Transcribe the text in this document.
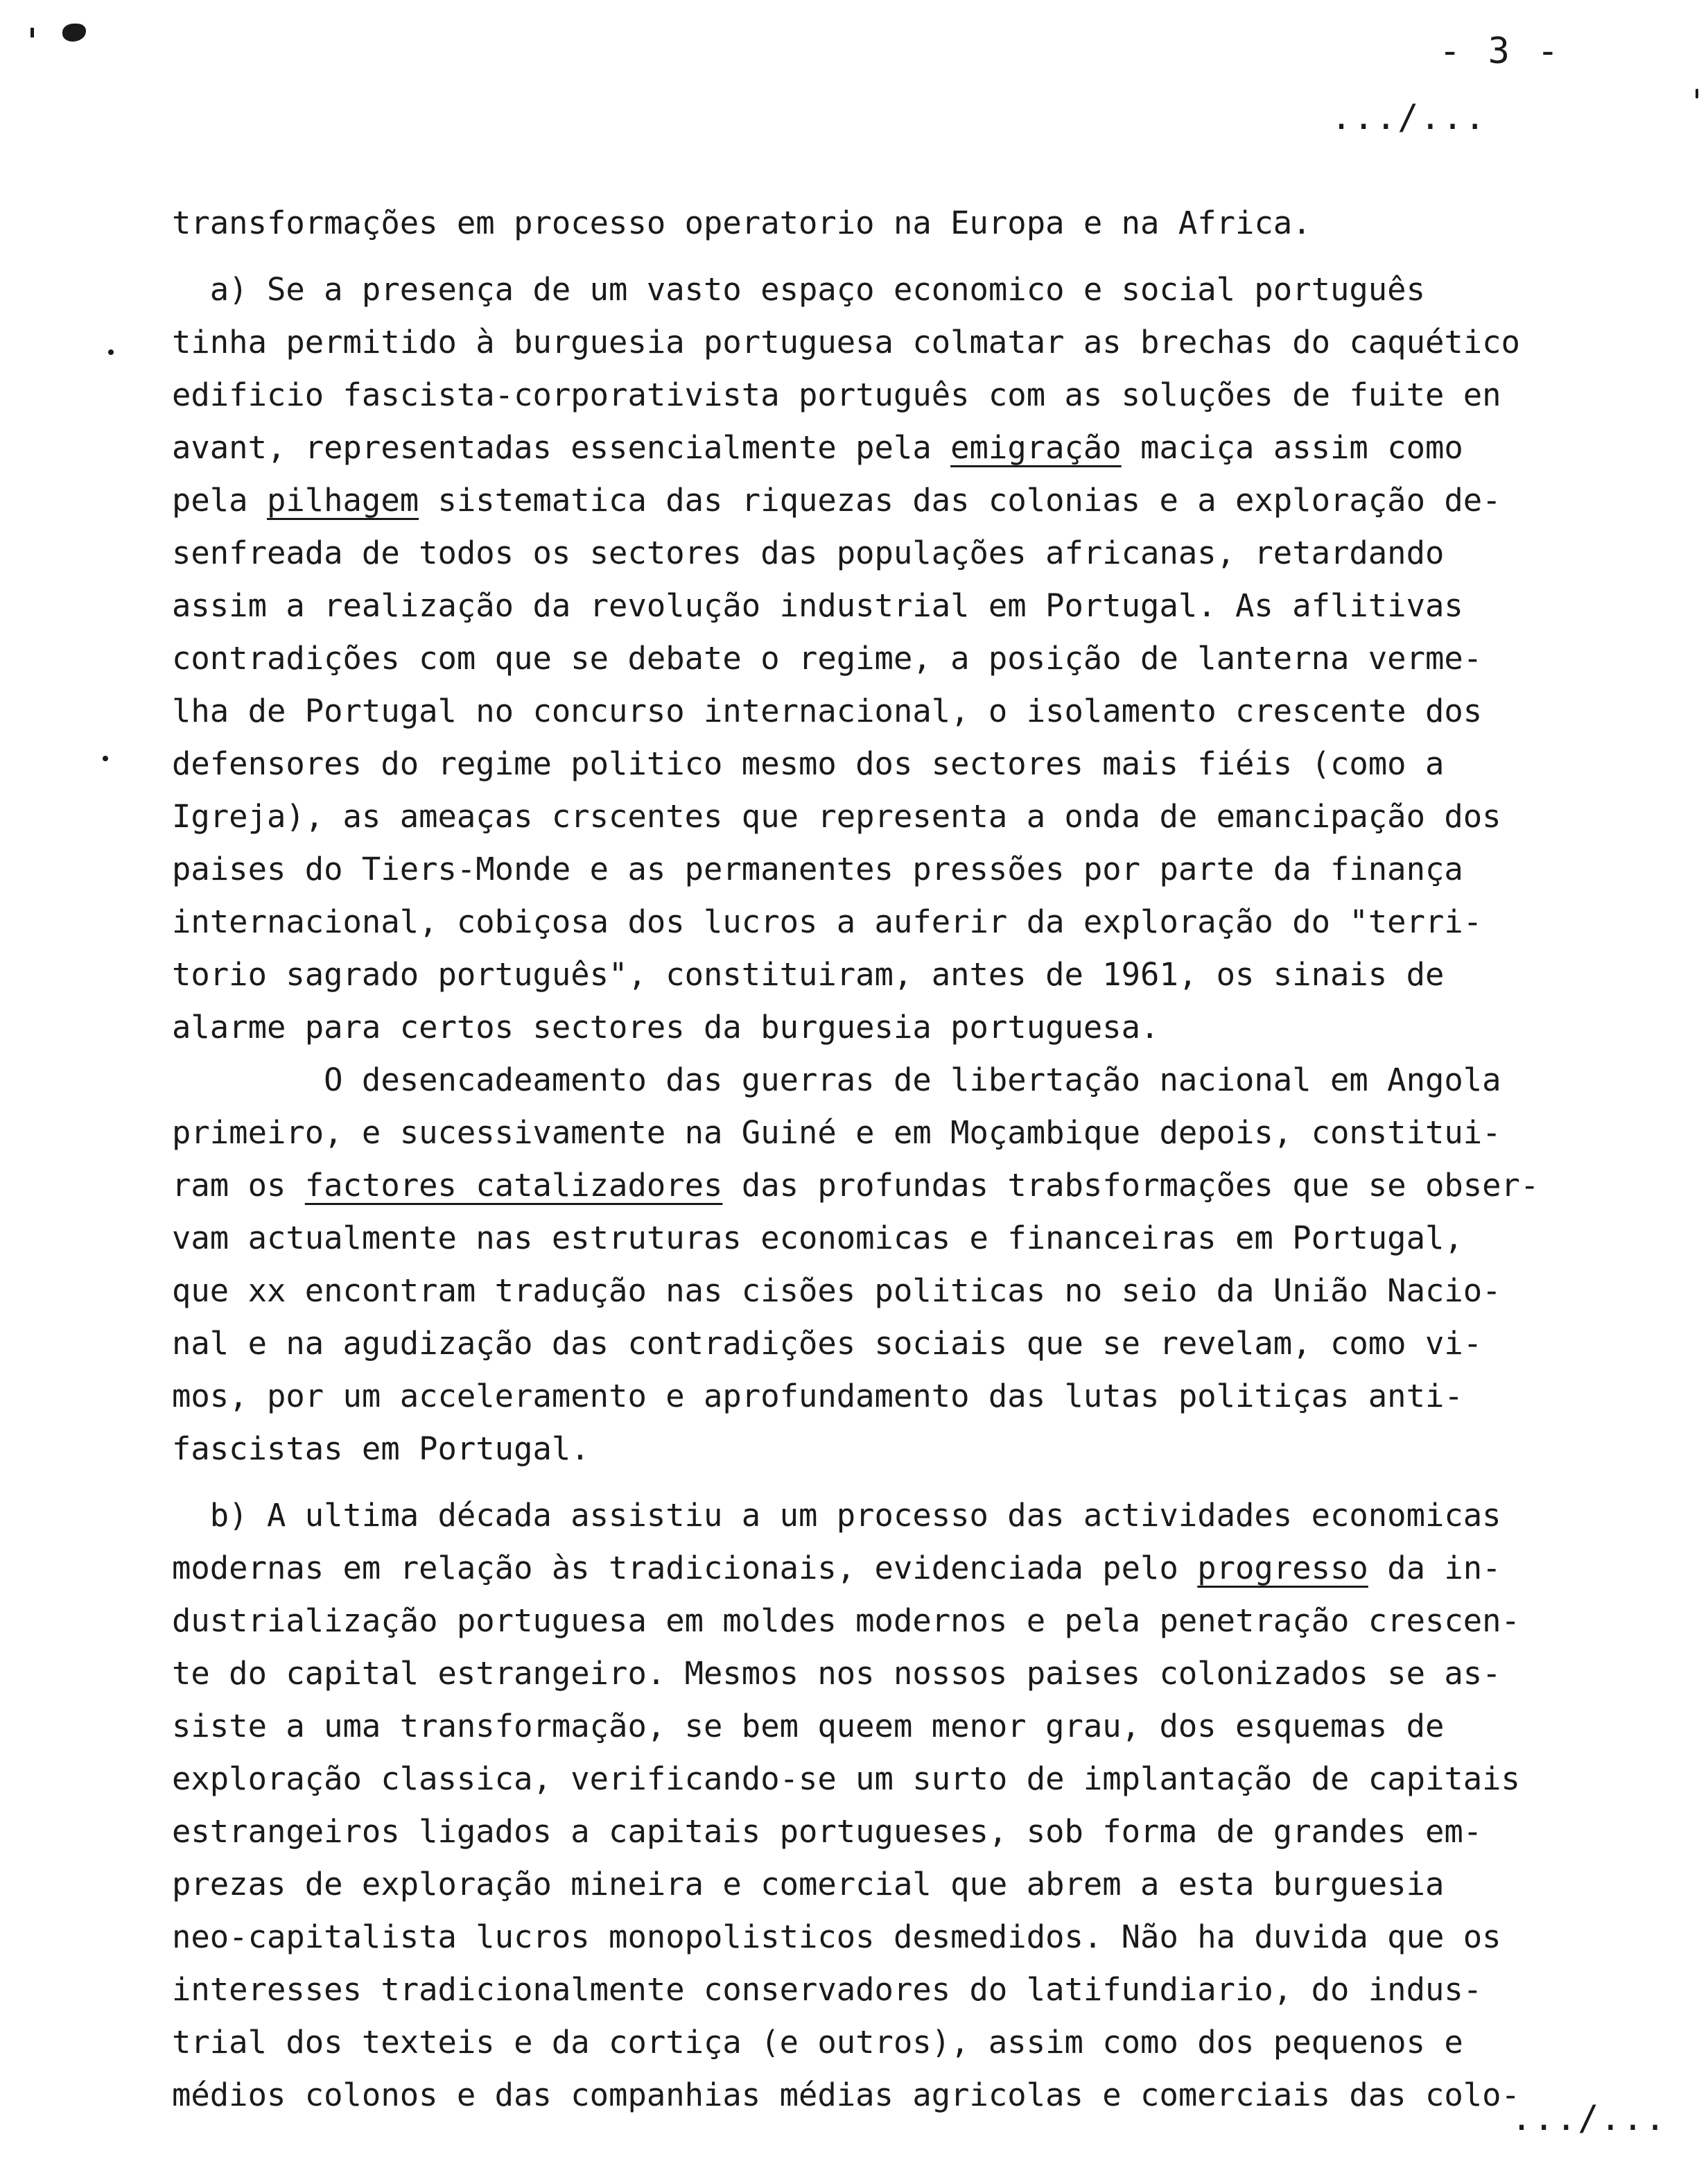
- 3 -
.../...
transformações em processo operatorio na Europa e na Africa.
a) Se a presença de um vasto espaço economico e social português
tinha permitido à burguesia portuguesa colmatar as brechas do caquético
edificio fascista-corporativista português com as soluções de fuite en
avant, representadas essencialmente pela emigração maciça assim como
pela pilhagem sistematica das riquezas das colonias e a exploração de-
senfreada de todos os sectores das populações africanas, retardando
assim a realização da revolução industrial em Portugal. As aflitivas
contradições com que se debate o regime, a posição de lanterna verme-
lha de Portugal no concurso internacional, o isolamento crescente dos
defensores do regime politico mesmo dos sectores mais fiéis (como a
Igreja), as ameaças crscentes que representa a onda de emancipação dos
paises do Tiers-Monde e as permanentes pressões por parte da finança
internacional, cobiçosa dos lucros a auferir da exploração do "terri-
torio sagrado português", constituiram, antes de 1961, os sinais de
alarme para certos sectores da burguesia portuguesa.
O desencadeamento das guerras de libertação nacional em Angola
primeiro, e sucessivamente na Guiné e em Moçambique depois, constitui-
ram os factores catalizadores das profundas trabsformações que se obser-
vam actualmente nas estruturas economicas e financeiras em Portugal,
que xx encontram tradução nas cisões politicas no seio da União Nacio-
nal e na agudização das contradições sociais que se revelam, como vi-
mos, por um acceleramento e aprofundamento das lutas politiças anti-
fascistas em Portugal.
b) A ultima década assistiu a um processo das actividades economicas
modernas em relação às tradicionais, evidenciada pelo progresso da in-
dustrialização portuguesa em moldes modernos e pela penetração crescen-
te do capital estrangeiro. Mesmos nos nossos paises colonizados se as-
siste a uma transformação, se bem queem menor grau, dos esquemas de
exploração classica, verificando-se um surto de implantação de capitais
estrangeiros ligados a capitais portugueses, sob forma de grandes em-
prezas de exploração mineira e comercial que abrem a esta burguesia
neo-capitalista lucros monopolisticos desmedidos. Não ha duvida que os
interesses tradicionalmente conservadores do latifundiario, do indus-
trial dos texteis e da cortiça (e outros), assim como dos pequenos e
médios colonos e das companhias médias agricolas e comerciais das colo-
.../...
